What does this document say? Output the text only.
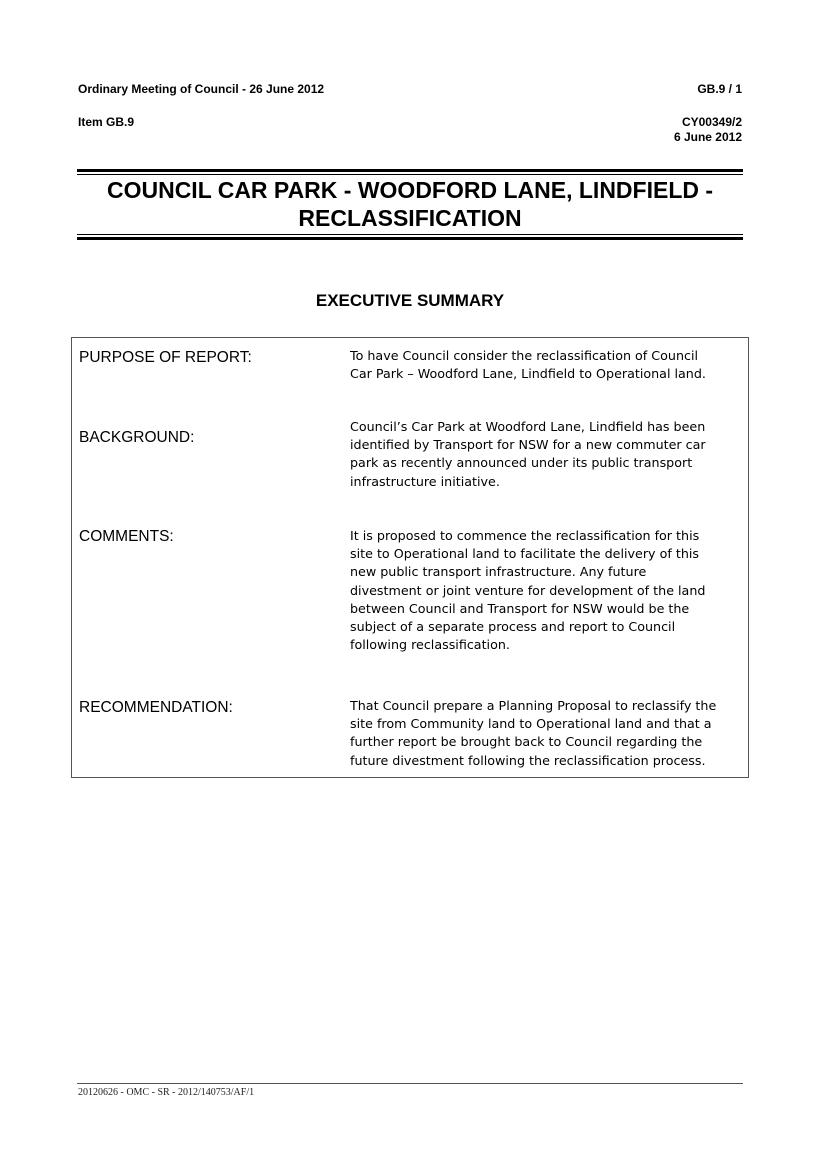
Ordinary Meeting of Council - 26 June 2012	GB.9 / 1
Item GB.9	CY00349/2
6 June 2012
COUNCIL CAR PARK - WOODFORD LANE, LINDFIELD -
RECLASSIFICATION
EXECUTIVE SUMMARY
PURPOSE OF REPORT:	To have Council consider the reclassification of Council
Car Park – Woodford Lane, Lindfield to Operational land.
BACKGROUND:
Council’s Car Park at Woodford Lane, Lindfield has been
identified by Transport for NSW for a new commuter car
park as recently announced under its public transport
infrastructure initiative.
COMMENTS:	It is proposed to commence the reclassification for this
site to Operational land to facilitate the delivery of this
new public transport infrastructure. Any future
divestment or joint venture for development of the land
between Council and Transport for NSW would be the
subject of a separate process and report to Council
following reclassification.
RECOMMENDATION:	That Council prepare a Planning Proposal to reclassify the
site from Community land to Operational land and that a
further report be brought back to Council regarding the
future divestment following the reclassification process.
20120626 - OMC - SR - 2012/140753/AF/1
